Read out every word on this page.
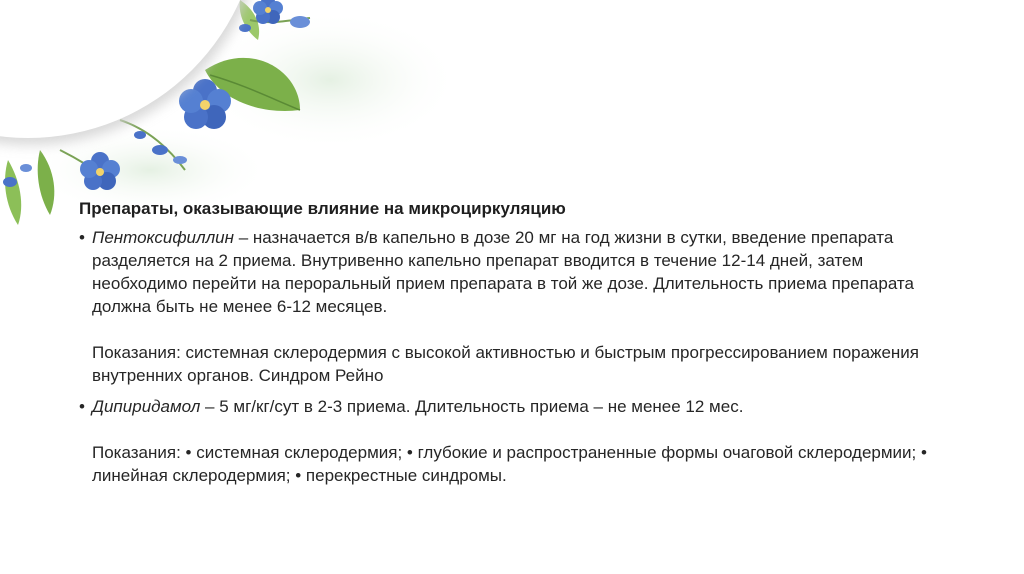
Препараты, оказывающие влияние на микроциркуляцию
• Пентоксифиллин – назначается в/в капельно в дозе 20 мг на год жизни в сутки, введение препарата разделяется на 2 приема. Внутривенно капельно препарат вводится в течение 12-14 дней, затем необходимо перейти на пероральный прием препарата в той же дозе. Длительность приема препарата должна быть не менее 6-12 месяцев.
Показания: системная склеродермия с высокой активностью и быстрым прогрессированием поражения внутренних органов. Синдром Рейно
• Дипиридамол – 5 мг/кг/сут в 2-3 приема. Длительность приема – не менее 12 мес.
Показания: • системная склеродермия; • глубокие и распространенные формы очаговой склеродермии; • линейная склеродермия; • перекрестные синдромы.
